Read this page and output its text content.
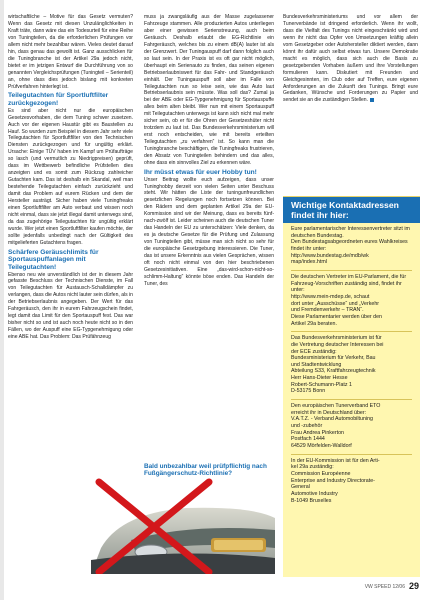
wirtschaftliche – Motive für das Gesetz vermuten? Wenn das Gesetz mit diesen Unzulänglichkeiten in Kraft träte, dann wäre das ein Todesurteil für eine Reihe von Tuningteilen, da die erforderlichen Prüfungen vor allem nicht mehr bezahlbar wären. Vieles deutet darauf hin, dass genau das gewollt ist. Ganz ausschlicken für die Tuningbranche ist der Artikel 29a jedoch nicht, bietet er im jetzigen Entwurf die Durchführung von so genannten Vergleichsprüfungen (Tuningteil – Serienteil) an, ohne dass dies jedoch bislang mit konkreten Prüfverfahren hinterlegt ist.

Teilegutachten für Sportluftfilter zurückgezogen!

Es sind aber nicht nur die europäischen Gesetzesvorhaben, die dem Tuning schwer zusetzen. Auch vor der eigenen Haustür gibt es Baustellen zu Hauf. So wurden zum Beispiel in diesem Jahr sehr viele Teilegutachten für Sportluftfilter von den Technischen Diensten zurückgezogen und für ungültig erklärt. Ursache: Einige TÜV haben im Kampf um Prüfaufträge so lasch (und vermutlich zu Niedrigpreisen) geprüft, dass im Wettbewerb befindliche Prüfstellen dies anzeigten und es somit zum Rückzug zahlreicher Gutachten kam. Das ist deshalb ein Skandal, weil man bestehende Teilegutachten einfach zurückzieht und damit das Problem auf eurem Rücken und dem der Hersteller austrägt. Sicher haben viele Tuningfreaks einen Sportluftfilter am Auto verbaut und wissen noch nicht einmal, dass sie jetzt illegal damit unterwegs sind, da das zugehörige Teilegutachten für ungültig erklärt wurde. Wer jetzt einen Sportluftfilter kaufen möchte, der sollte jedenfalls unbedingt nach der Gültigkeit des mitgelieferten Gutachtens fragen.

Schärfere Geräuschlimits für Sportauspuffanlagen mit Teilegutachten!

Ebenso neu wie unverständlich ist der in diesem Jahr gefasste Beschluss der Technischen Dienste, im Fall von Teilegutachten für Austausch-Schalldämpfer zu verlangen, dass die Autos nicht lauter sein dürfen, als in der Betriebserlaubnis angegeben. Der Wert für das Fahrgeräusch, den ihr in eurem Fahrzeugschein findet, legt damit das Limit für den Sportauspuff fest. Das war bisher nicht so und ist auch noch heute nicht so in den Fällen, wo der Auspuff eine EG-Typgenehmigung oder eine ABE hat. Das Problem: Das Prüfähnzeug

muss ja zwangsläufig aus der Masse zugelassener Fahrzeuge stammen. Alle produzierten Autos unterliegen aber einer gewissen Serienstreuung, auch beim Geräusch. Deshalb erlaubt die EG-Richtlinie ein Fahrgeräusch, welches bis zu einem dB(A) lauter ist als der Grenzwert. Der Tuningauspuff darf dann folglich auch so laut sein. In der Praxis ist es oft gar nicht möglich, überhaupt ein Serienauto zu finden, das seinen eigenen Betriebserlaubniswert für das Fahr- und Standgeräusch einhält. Der Tuningauspuff soll aber im Falle von Teilegutachten nun so leise sein, wie das Auto laut Betriebserlaubnis sein müsste. Was soll das? Zumal ja bei der ABE oder EG-Typgenehmigung für Sportauspuffe alles beim alten bleibt. Wer nun mit einem Sportauspuff mit Teilegutachten unterwegs ist kann sich nicht mal mehr sicher sein, ob er für die Ohren der Gesetzeshüter nicht trotzdem zu laut ist. Das Bundesverkehrsministerium will erst noch entscheiden, wie mit bereits erteilten Teilegutachten „zu verfahren“ ist. So kann man die Tuningbranche beschäftigen, die Tuningfreaks frustrieren, den Absatz von Tuningteilen behindern und das alles, ohne dass ein sinnvolles Ziel zu erkennen wäre.

Ihr müsst etwas für euer Hobby tun!

Unser Beitrag wollte euch aufzeigen, dass unser Tuninghobby derzeit von vielen Seiten unter Beschuss steht. Wir hätten die Liste der tuningunfreundlichen gesetzlichen Regelungen noch fortsetzen können. Bei den Rädern und dem geplanten Artikel 29a der EU-Kommission sind wir der Meinung, dass es bereits fünf-nach-zwölf ist. Leider scheinen auch die deutschen Tuner das Handeln der EU zu unterschätzen: Viele denken, da es ja deutsche Gesetze für die Prüfung und Zulassung von Tuningteilen gibt, müsse man sich nicht so sehr für die europäische Gesetzgebung interessieren. Die Tuner, das ist unsere Erkenntnis aus vielen Gesprächen, wissen oft noch nicht einmal von den hier beschriebenen Gesetzesinitiativen. Eine „das-wird-schon-nicht-so-schlimm-Haltung“ könnte böse enden. Das Handeln der Tuner, des

Bald unbezahlbar weil prüfpflichtig nach Fußgängerschutz-Richtlinie?

Bundesverkehrsministeriums und vor allem der Tunerverbände ist dringend erforderlich. Wenn ihr wollt, dass die Vielfalt des Tunings nicht eingeschränkt wird und wenn ihr nicht das Opfer von Umsetzungen kräftig allein vom Gesetzgeber oder Autohersteller diktiert werden, dann könnt ihr dafür auch selbst etwas tun. Unsere Demokratie macht es möglich, dass sich auch die Basis zu gesetzgebenden Vorhaben äußern und ihre Vorstellungen formulieren kann. Diskutiert mit Freunden und Gleichgesinnten, im Club oder auf Treffen, eure eigenen Anforderungen an die Zukunft des Tunings. Bringt eure Gedanken, Wünsche und Forderungen zu Papier und sendet sie an die zuständigen Stellen.

Wichtige Kontaktadressen findet ihr hier:
Eure parlamentarischer Interessenvertreter sitzt im deutschen Bundestag.
Den Bundestagsabgeordneten eures Wahlkreises findet ihr unter:
http://www.bundestag.de/mdb/wk
map/index.html
Die deutschen Vertreter im EU-Parlament, die für Fahrzeug-Vorschriften zuständig sind, findet ihr unter:
http://www.mein-mdep.de, schaut
dort unter „Ausschüsse“ und „Verkehr
und Fremdenverkehr – TRAN“.
Diese Parlamentarier werden über den
Artikel 29a beraten.
Das Bundesverkehrsministerium ist für
die Vertretung deutscher Interessen bei
der ECE zuständig:
Bundesministerium für Verkehr, Bau
und Stadtentwicklung
Abteilung S33, Kraftfahrzeugtechnik
Herr Hans-Dieter Hesse
Robert-Schumann-Platz 1
D-53175 Bonn
Den europäischen Tunerverband ETO
erreicht ihr in Deutschland über:
V.A.T.Z. - Verband Automobiltuning
und -zubehör
Frau Andrea Pinkerton
Postfach 1444
64529 Mörfelden-Walldorf
In der EU-Kommission ist für den Arti-
kel 29a zuständig:
Commission Européenne
Enterprise and Industry Directorate-
General
Automotive Industry
B-1049 Bruxelles
VW SPEED 12/06 29
